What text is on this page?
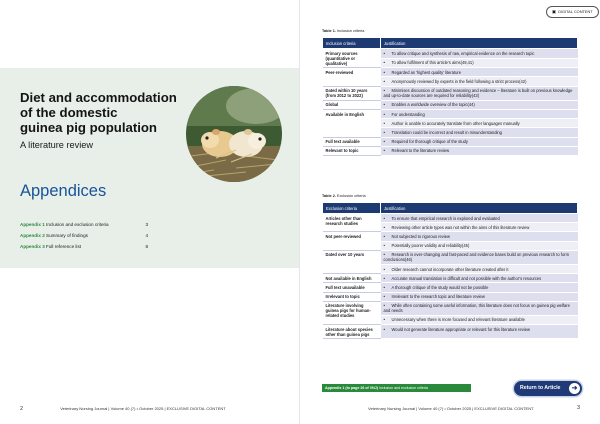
Diet and accommodation
of the domestic
guinea pig population
A literature review
Appendices
Appendix 1 Inclusion and exclusion criteria	3
Appendix 2 Summary of findings	4
Appendix 3 Full reference list	8
2	Veterinary Nursing Journal | Volume 40 (7) • October 2025 | EXCLUSIVE DIGITAL CONTENT
▣ DIGITAL CONTENT
Table 1. Inclusion criteria
Inclusion criteria	Justification
Primary sources (quantitative or qualitative)	• To allow critique and synthesis of raw, empirical evidence on the research topic
	• To allow fulfilment of this article’s aims(49,41)
Peer-reviewed	• Regarded as ‘highest quality’ literature
	• Anonymously reviewed by experts in the field following a strict process(42)
Dated within 10 years (from 2012 to 2022)	• Minimises discussion of outdated reasoning and evidence – literature is built on previous knowledge and up-to-date sources are required for reliability(43)
Global	• Enables a worldwide overview of the topic(44)
Available in English	• For understanding
	• Author is unable to accurately translate from other languages manually
	• Translation could be incorrect and result in misunderstanding
Full text available	• Required for thorough critique of the study
Relevant to topic	• Relevant to the literature review
Table 2. Exclusion criteria
Exclusion criteria	Justification
Articles other than research studies	• To ensure that empirical research is explored and evaluated
	• Reviewing other article types was not within the aims of this literature review
Not peer-reviewed	• Not subjected to rigorous review
	• Potentially poorer validity and reliability(45)
Dated over 10 years	• Research is ever-changing and fast-paced and evidence bases build on previous research to form conclusions(46)
	• Older research cannot incorporate other literature created after it
Not available in English	• Accurate manual translation is difficult and not possible with the author’s resources
Full text unavailable	• A thorough critique of the study would not be possible
Irrelevant to topic	• Irrelevant to the research topic and literature review
Literature involving guinea pigs for human-related studies	• While often containing some useful information, this literature does not focus on guinea pig welfare and needs
	• Unnecessary when there is more focused and relevant literature available
Literature about species other than guinea pigs	• Would not generate literature appropriate or relevant for this literature review
Appendix 1 (to page 26 of VNJ) Inclusion and exclusion criteria	Return to Article	➜
Veterinary Nursing Journal | Volume 40 (7) • October 2025 | EXCLUSIVE DIGITAL CONTENT	3
